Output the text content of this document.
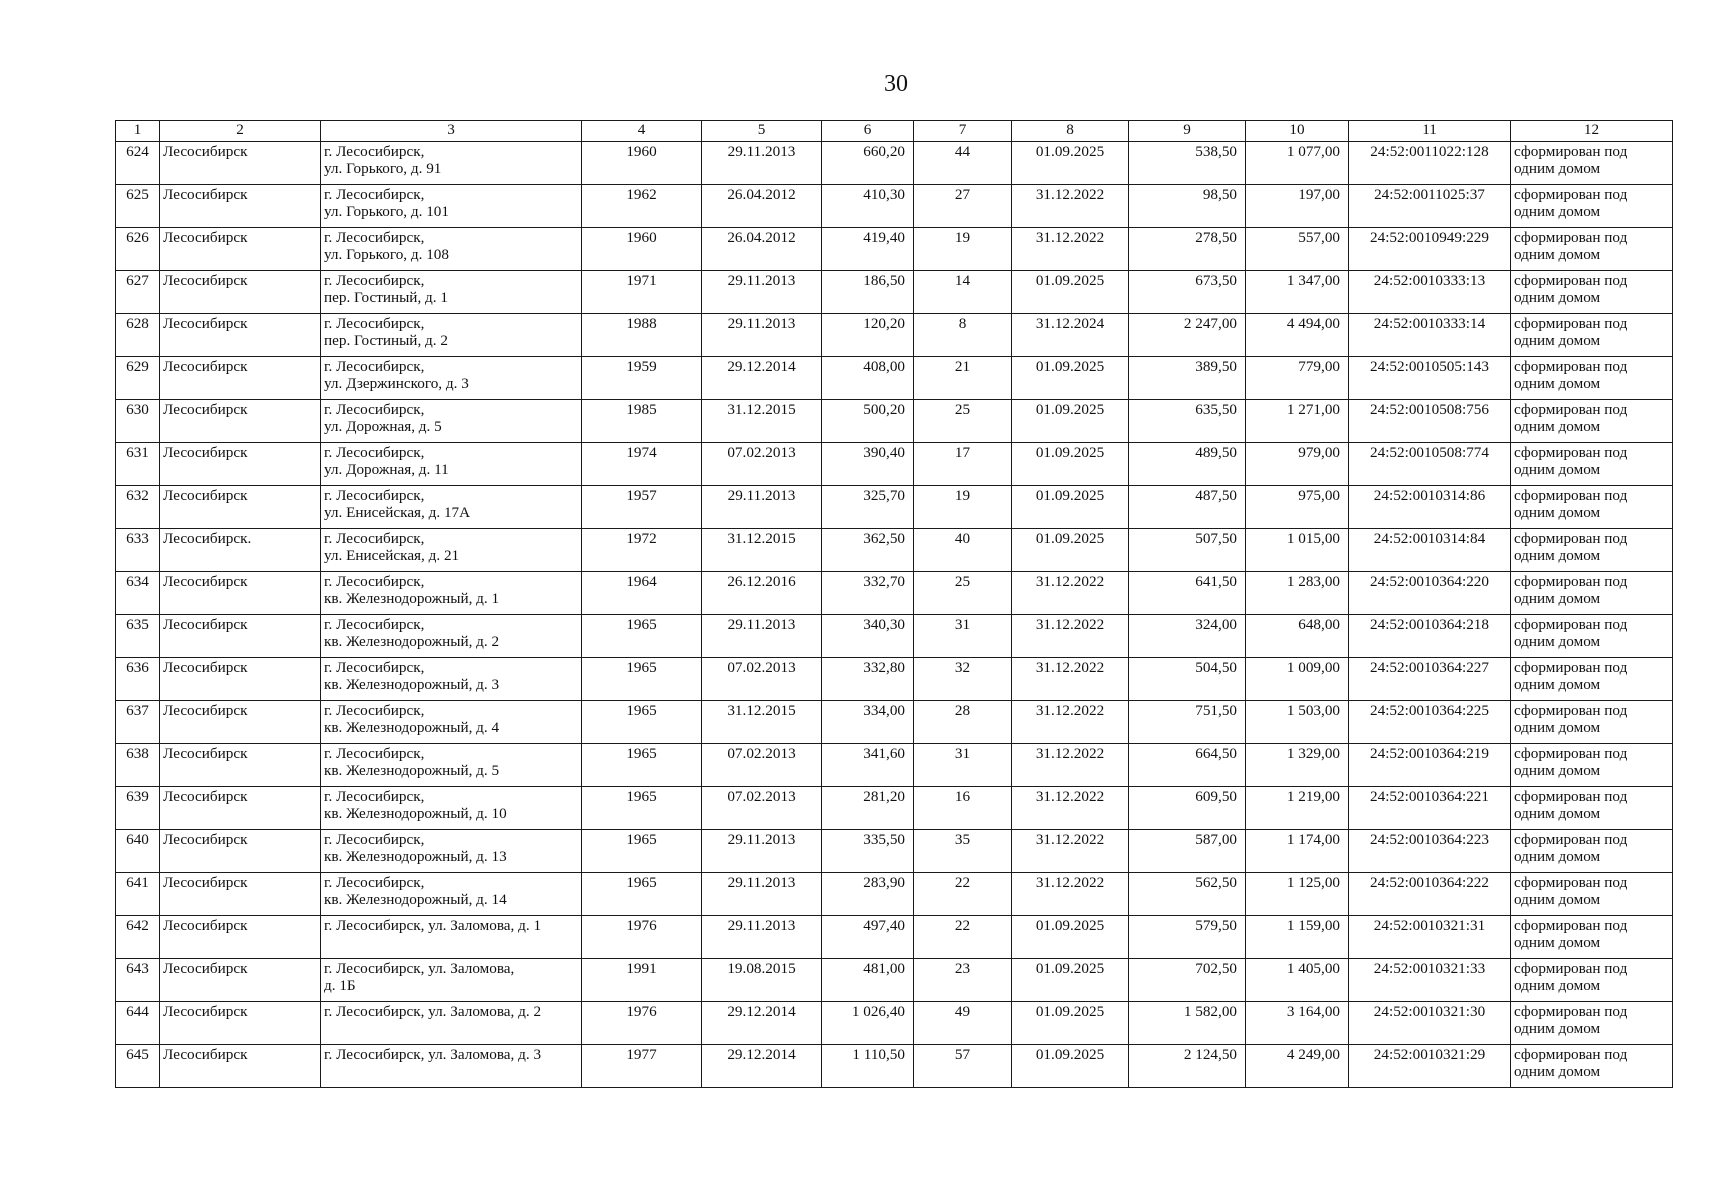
30
1	2	3	4	5	6	7	8	9	10	11	12
624	Лесосибирск	г. Лесосибирск,
ул. Горького, д. 91	1960	29.11.2013	660,20	44	01.09.2025	538,50	1 077,00	24:52:0011022:128	сформирован под
одним домом

625	Лесосибирск	г. Лесосибирск,
ул. Горького, д. 101	1962	26.04.2012	410,30	27	31.12.2022	98,50	197,00	24:52:0011025:37	сформирован под
одним домом

626	Лесосибирск	г. Лесосибирск,
ул. Горького, д. 108	1960	26.04.2012	419,40	19	31.12.2022	278,50	557,00	24:52:0010949:229	сформирован под
одним домом

627	Лесосибирск	г. Лесосибирск,
пер. Гостиный, д. 1	1971	29.11.2013	186,50	14	01.09.2025	673,50	1 347,00	24:52:0010333:13	сформирован под
одним домом

628	Лесосибирск	г. Лесосибирск,
пер. Гостиный, д. 2	1988	29.11.2013	120,20	8	31.12.2024	2 247,00	4 494,00	24:52:0010333:14	сформирован под
одним домом

629	Лесосибирск	г. Лесосибирск,
ул. Дзержинского, д. 3	1959	29.12.2014	408,00	21	01.09.2025	389,50	779,00	24:52:0010505:143	сформирован под
одним домом

630	Лесосибирск	г. Лесосибирск,
ул. Дорожная, д. 5	1985	31.12.2015	500,20	25	01.09.2025	635,50	1 271,00	24:52:0010508:756	сформирован под
одним домом

631	Лесосибирск	г. Лесосибирск,
ул. Дорожная, д. 11	1974	07.02.2013	390,40	17	01.09.2025	489,50	979,00	24:52:0010508:774	сформирован под
одним домом

632	Лесосибирск	г. Лесосибирск,
ул. Енисейская, д. 17А	1957	29.11.2013	325,70	19	01.09.2025	487,50	975,00	24:52:0010314:86	сформирован под
одним домом

633	Лесосибирск.	г. Лесосибирск,
ул. Енисейская, д. 21	1972	31.12.2015	362,50	40	01.09.2025	507,50	1 015,00	24:52:0010314:84	сформирован под
одним домом

634	Лесосибирск	г. Лесосибирск,
кв. Железнодорожный, д. 1	1964	26.12.2016	332,70	25	31.12.2022	641,50	1 283,00	24:52:0010364:220	сформирован под
одним домом

635	Лесосибирск	г. Лесосибирск,
кв. Железнодорожный, д. 2	1965	29.11.2013	340,30	31	31.12.2022	324,00	648,00	24:52:0010364:218	сформирован под
одним домом

636	Лесосибирск	г. Лесосибирск,
кв. Железнодорожный, д. 3	1965	07.02.2013	332,80	32	31.12.2022	504,50	1 009,00	24:52:0010364:227	сформирован под
одним домом

637	Лесосибирск	г. Лесосибирск,
кв. Железнодорожный, д. 4	1965	31.12.2015	334,00	28	31.12.2022	751,50	1 503,00	24:52:0010364:225	сформирован под
одним домом

638	Лесосибирск	г. Лесосибирск,
кв. Железнодорожный, д. 5	1965	07.02.2013	341,60	31	31.12.2022	664,50	1 329,00	24:52:0010364:219	сформирован под
одним домом

639	Лесосибирск	г. Лесосибирск,
кв. Железнодорожный, д. 10	1965	07.02.2013	281,20	16	31.12.2022	609,50	1 219,00	24:52:0010364:221	сформирован под
одним домом

640	Лесосибирск	г. Лесосибирск,
кв. Железнодорожный, д. 13	1965	29.11.2013	335,50	35	31.12.2022	587,00	1 174,00	24:52:0010364:223	сформирован под
одним домом

641	Лесосибирск	г. Лесосибирск,
кв. Железнодорожный, д. 14	1965	29.11.2013	283,90	22	31.12.2022	562,50	1 125,00	24:52:0010364:222	сформирован под
одним домом

642	Лесосибирск	г. Лесосибирск, ул. Заломова, д. 1	1976	29.11.2013	497,40	22	01.09.2025	579,50	1 159,00	24:52:0010321:31	сформирован под
одним домом

643	Лесосибирск	г. Лесосибирск, ул. Заломова,
д. 1Б	1991	19.08.2015	481,00	23	01.09.2025	702,50	1 405,00	24:52:0010321:33	сформирован под
одним домом

644	Лесосибирск	г. Лесосибирск, ул. Заломова, д. 2	1976	29.12.2014	1 026,40	49	01.09.2025	1 582,00	3 164,00	24:52:0010321:30	сформирован под
одним домом

645	Лесосибирск	г. Лесосибирск, ул. Заломова, д. 3	1977	29.12.2014	1 110,50	57	01.09.2025	2 124,50	4 249,00	24:52:0010321:29	сформирован под
одним домом
